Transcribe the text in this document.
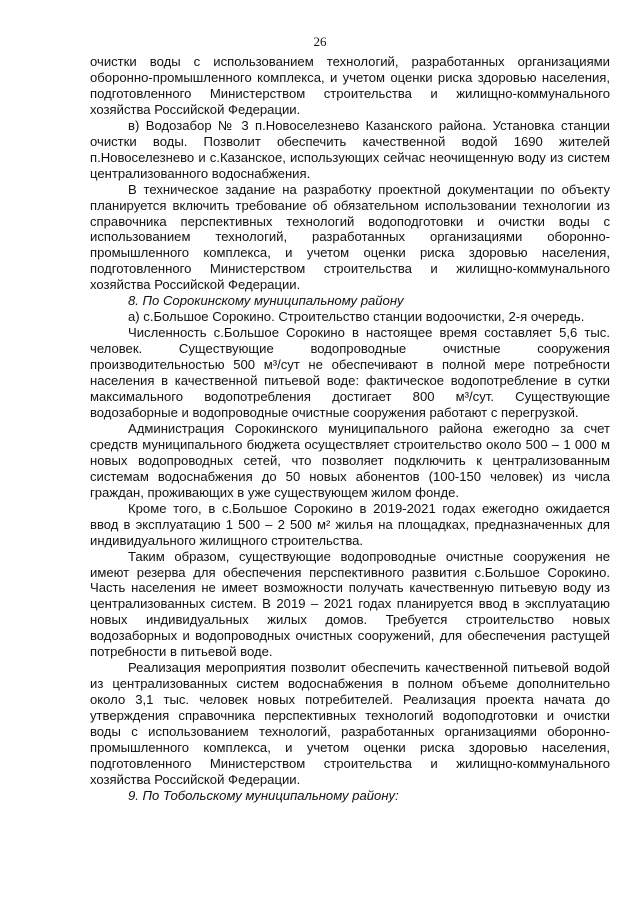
26

очистки воды с использованием технологий, разработанных организациями оборонно-промышленного комплекса, и учетом оценки риска здоровью населения, подготовленного Министерством строительства и жилищно-коммунального хозяйства Российской Федерации.

в) Водозабор № 3 п.Новоселезнево Казанского района. Установка станции очистки воды. Позволит обеспечить качественной водой 1690 жителей п.Новоселезнево и с.Казанское, использующих сейчас неочищенную воду из систем централизованного водоснабжения.

В техническое задание на разработку проектной документации по объекту планируется включить требование об обязательном использовании технологии из справочника перспективных технологий водоподготовки и очистки воды с использованием технологий, разработанных организациями оборонно-промышленного комплекса, и учетом оценки риска здоровью населения, подготовленного Министерством строительства и жилищно-коммунального хозяйства Российской Федерации.

8. По Сорокинскому муниципальному району

а) с.Большое Сорокино. Строительство станции водоочистки, 2-я очередь.

Численность с.Большое Сорокино в настоящее время составляет 5,6 тыс. человек. Существующие водопроводные очистные сооружения производительностью 500 м³/сут не обеспечивают в полной мере потребности населения в качественной питьевой воде: фактическое водопотребление в сутки максимального водопотребления достигает 800 м³/сут. Существующие водозаборные и водопроводные очистные сооружения работают с перегрузкой.

Администрация Сорокинского муниципального района ежегодно за счет средств муниципального бюджета осуществляет строительство около 500 – 1 000 м новых водопроводных сетей, что позволяет подключить к централизованным системам водоснабжения до 50 новых абонентов (100-150 человек) из числа граждан, проживающих в уже существующем жилом фонде.

Кроме того, в с.Большое Сорокино в 2019-2021 годах ежегодно ожидается ввод в эксплуатацию 1 500 – 2 500 м² жилья на площадках, предназначенных для индивидуального жилищного строительства.

Таким образом, существующие водопроводные очистные сооружения не имеют резерва для обеспечения перспективного развития с.Большое Сорокино. Часть населения не имеет возможности получать качественную питьевую воду из централизованных систем. В 2019 – 2021 годах планируется ввод в эксплуатацию новых индивидуальных жилых домов. Требуется строительство новых водозаборных и водопроводных очистных сооружений, для обеспечения растущей потребности в питьевой воде.

Реализация мероприятия позволит обеспечить качественной питьевой водой из централизованных систем водоснабжения в полном объеме дополнительно около 3,1 тыс. человек новых потребителей. Реализация проекта начата до утверждения справочника перспективных технологий водоподготовки и очистки воды с использованием технологий, разработанных организациями оборонно-промышленного комплекса, и учетом оценки риска здоровью населения, подготовленного Министерством строительства и жилищно-коммунального хозяйства Российской Федерации.

9. По Тобольскому муниципальному району:
